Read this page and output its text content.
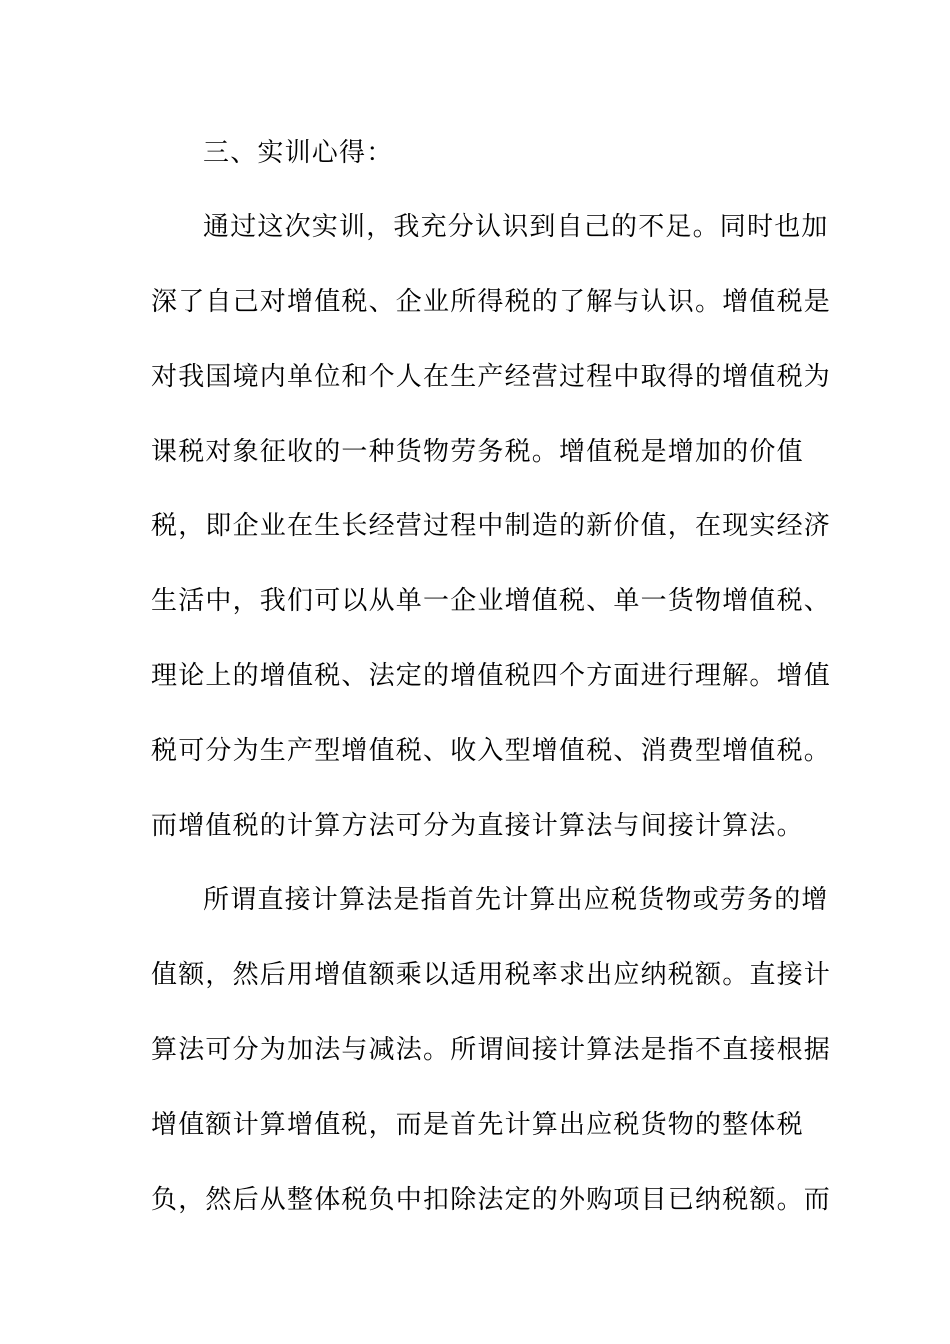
三、实训心得：
通过这次实训，我充分认识到自己的不足。同时也加
深了自己对增值税、企业所得税的了解与认识。增值税是
对我国境内单位和个人在生产经营过程中取得的增值税为
课税对象征收的一种货物劳务税。增值税是增加的价值
税，即企业在生长经营过程中制造的新价值，在现实经济
生活中，我们可以从单一企业增值税、单一货物增值税、
理论上的增值税、法定的增值税四个方面进行理解。增值
税可分为生产型增值税、收入型增值税、消费型增值税。
而增值税的计算方法可分为直接计算法与间接计算法。
所谓直接计算法是指首先计算出应税货物或劳务的增
值额，然后用增值额乘以适用税率求出应纳税额。直接计
算法可分为加法与减法。所谓间接计算法是指不直接根据
增值额计算增值税，而是首先计算出应税货物的整体税
负，然后从整体税负中扣除法定的外购项目已纳税额。而
